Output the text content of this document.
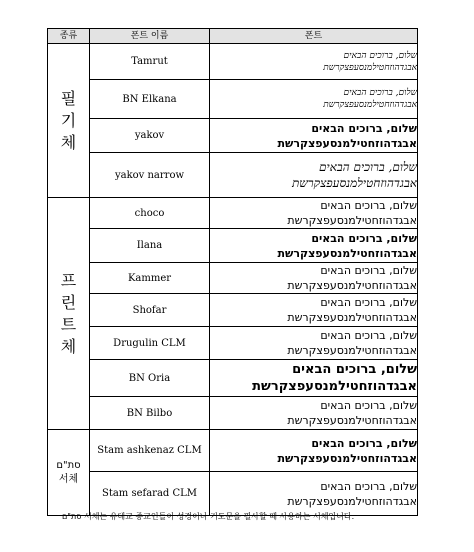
종류	폰트 이름	폰트

필
기
체	Tamrut	שלום, ברוכים הבאים
אבגדהוזחטילמנסעפצקרשת

	BN Elkana	שלום, ברוכים הבאים
אבגדהוזחטילמנסעפצקרשת

	yakov	שלום, ברוכים הבאים
אבגדהוזחטילמנסעפצקרשת

	yakov narrow	שלום, ברוכים הבאים
אבגדהוזחטילמנסעפצקרשת

프
린
트
체	choco	שלום, ברוכים הבאים
אבגדהוזחטילמנסעפצקרשת

	Ilana	שלום, ברוכים הבאים
אבגדהוזחטילמנסעפצקרשת

	Kammer	שלום, ברוכים הבאים
אבגדהוזחטילמנסעפצקרשת

	Shofar	שלום, ברוכים הבאים
אבגדהוזחטילמנסעפצקרשת

	Drugulin CLM	שלום, ברוכים הבאים
אבגדהוזחטילמנסעפצקרשת

	BN Oria	שלום, ברוכים הבאים
אבגדהוזחטילמנסעפצקרשת

	BN Bilbo	שלום, ברוכים הבאים
אבגדהוזחטילמנסעפצקרשת

סת"ם
서체	Stam ashkenaz CLM	שלום, ברוכים הבאים
אבגדהוזחטילמנסעפצקרשת

	Stam sefarad CLM	שלום, ברוכים הבאים
אבגדהוזחטילמנסעפצקרשת
סת"ם 서체는 유대교 종교인들이 성경이나 기도문을 필사할 때 사용하는 서체입니다.
